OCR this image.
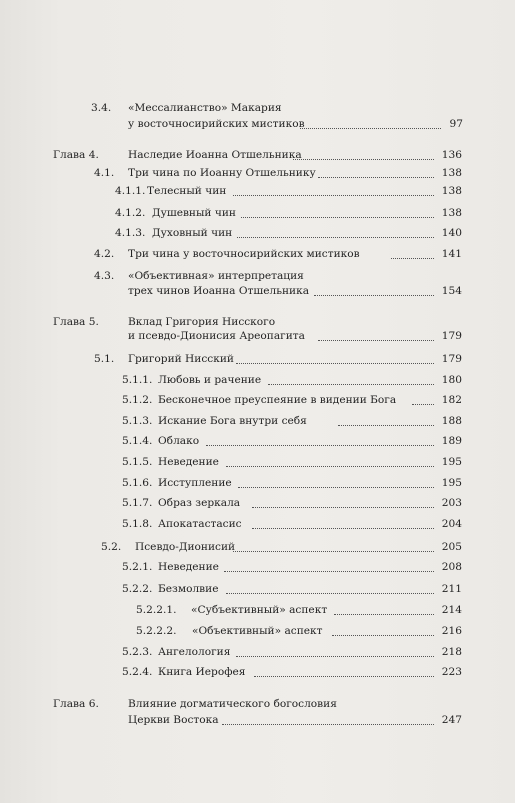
3.4. «Мессалианство» Макария
у восточносирийских мистиков	97
Глава 4.	Наследие Иоанна Отшельника	136
4.1. Три чина по Иоанну Отшельнику	138
4.1.1. Телесный чин	138
4.1.2. Душевный чин	138
4.1.3. Духовный чин	140
4.2. Три чина у восточносирийских мистиков	141
4.3. «Объективная» интерпретация
трех чинов Иоанна Отшельника	154
Глава 5.	Вклад Григория Нисского
и псевдо-Дионисия Ареопагита	179
5.1. Григорий Нисский	179
5.1.1. Любовь и рачение	180
5.1.2. Бесконечное преуспеяние в видении Бога	182
5.1.3. Искание Бога внутри себя	188
5.1.4. Облако	189
5.1.5. Неведение	195
5.1.6. Исступление	195
5.1.7. Образ зеркала	203
5.1.8. Апокатастасис	204
5.2. Псевдо-Дионисий	205
5.2.1. Неведение	208
5.2.2. Безмолвие	211
5.2.2.1. «Субъективный» аспект	214
5.2.2.2. «Объективный» аспект	216
5.2.3. Ангелология	218
5.2.4. Книга Иерофея	223
Глава 6.	Влияние догматического богословия
Церкви Востока	247
